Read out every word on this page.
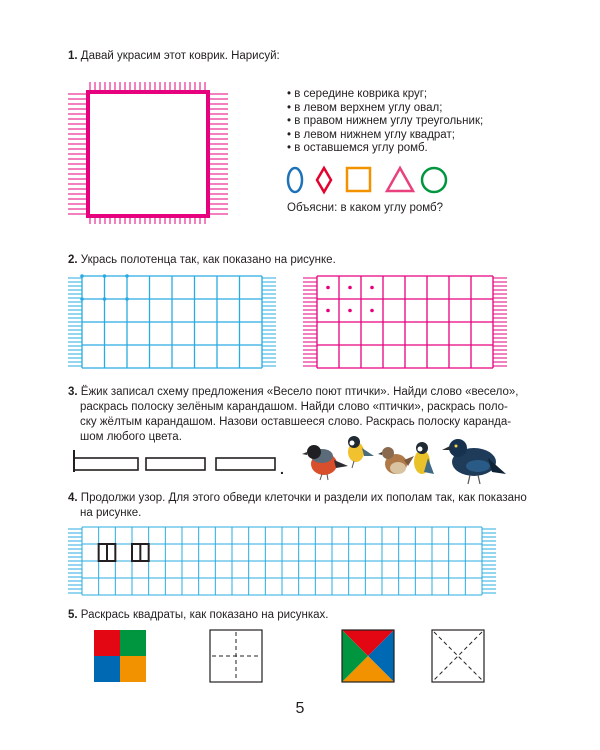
1. Давай украсим этот коврик. Нарисуй:
• в середине коврика круг;
• в левом верхнем углу овал;
• в правом нижнем углу треугольник;
• в левом нижнем углу квадрат;
• в оставшемся углу ромб.
Объясни: в каком углу ромб?
2. Укрась полотенца так, как показано на рисунке.
3. Ёжик записал схему предложения «Весело поют птички». Найди слово «весело»,
раскрась полоску зелёным карандашом. Найди слово «птички», раскрась поло-
ску жёлтым карандашом. Назови оставшееся слово. Раскрась полоску каранда-
шом любого цвета.
.
4. Продолжи узор. Для этого обведи клеточки и раздели их пополам так, как показано
на рисунке.
5. Раскрась квадраты, как показано на рисунках.
5
